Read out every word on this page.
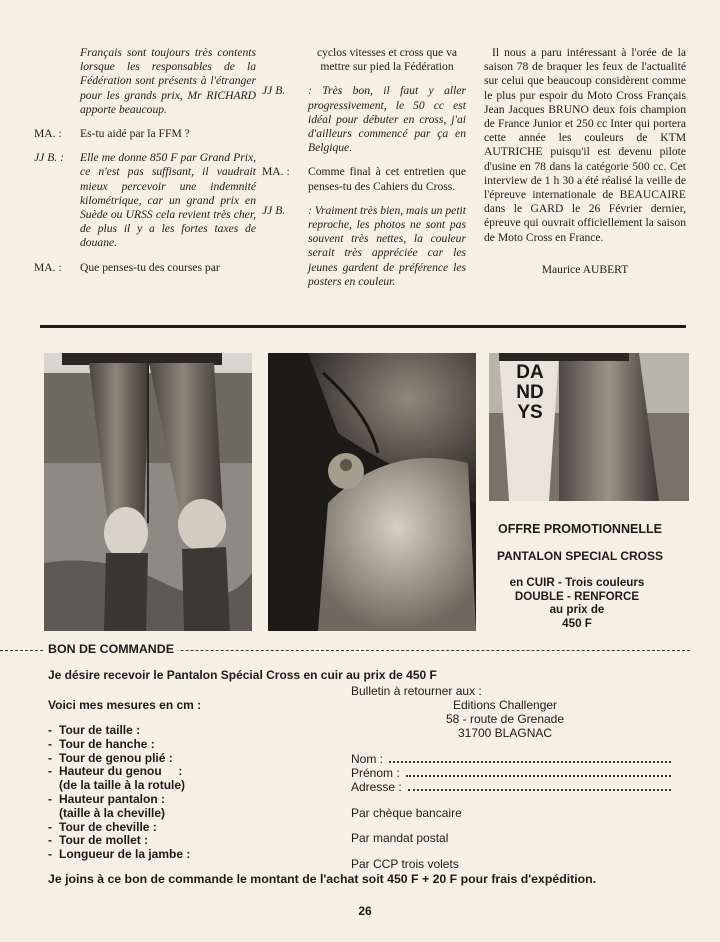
Français sont toujours très contents lorsque les responsables de la Fédération sont présents à l'étranger pour les grands prix, Mr RICHARD apporte beaucoup.
MA. :	Es-tu aidé par la FFM ?
JJ B. :	Elle me donne 850 F par Grand Prix, ce n'est pas suffisant, il vaudrait mieux percevoir une indemnité kilométrique, car un grand prix en Suède ou URSS cela revient très cher, de plus il y a les fortes taxes de douane.
MA. :	Que penses-tu des courses par
cyclos vitesses et cross que va mettre sur pied la Fédération
JJ B.	: Très bon, il faut y aller progressivement, le 50 cc est idéal pour débuter en cross, j'ai d'ailleurs commencé par ça en Belgique.
MA. :	Comme final à cet entretien que penses-tu des Cahiers du Cross.
JJ B.	: Vraiment très bien, mais un petit reproche, les photos ne sont pas souvent très nettes, la couleur serait très appréciée car les jeunes gardent de préférence les posters en couleur.
Il nous a paru intéressant à l'orée de la saison 78 de braquer les feux de l'actualité sur celui que beaucoup considèrent comme le plus pur espoir du Moto Cross Français Jean Jacques BRUNO deux fois champion de France Junior et 250 cc Inter qui portera cette année les couleurs de KTM AUTRICHE puisqu'il est devenu pilote d'usine en 78 dans la catégorie 500 cc. Cet interview de 1 h 30 a été réalisé la veille de l'épreuve internationale de BEAUCAIRE dans le GARD le 26 Février dernier, épreuve qui ouvrait officiellement la saison de Moto Cross en France.
Maurice AUBERT
DANDYS
OFFRE PROMOTIONNELLE
PANTALON SPECIAL CROSS
en CUIR - Trois couleurs
DOUBLE - RENFORCE
au prix de
450 F
BON DE COMMANDE
Je désire recevoir le Pantalon Spécial Cross en cuir au prix de 450 F
Bulletin à retourner aux :
Editions Challenger
58 - route de Grenade
31700 BLAGNAC
Voici mes mesures en cm :
- Tour de taille :
- Tour de hanche :
- Tour de genou plié :
- Hauteur du genou     :
(de la taille à la rotule)
- Hauteur pantalon :
(taille à la cheville)
- Tour de cheville :
- Tour de mollet :
- Longueur de la jambe :
Nom :
Prénom :
Adresse :
Par chèque bancaire
Par mandat postal
Par CCP trois volets
Je joins à ce bon de commande le montant de l'achat soit 450 F + 20 F pour frais d'expédition.
26
